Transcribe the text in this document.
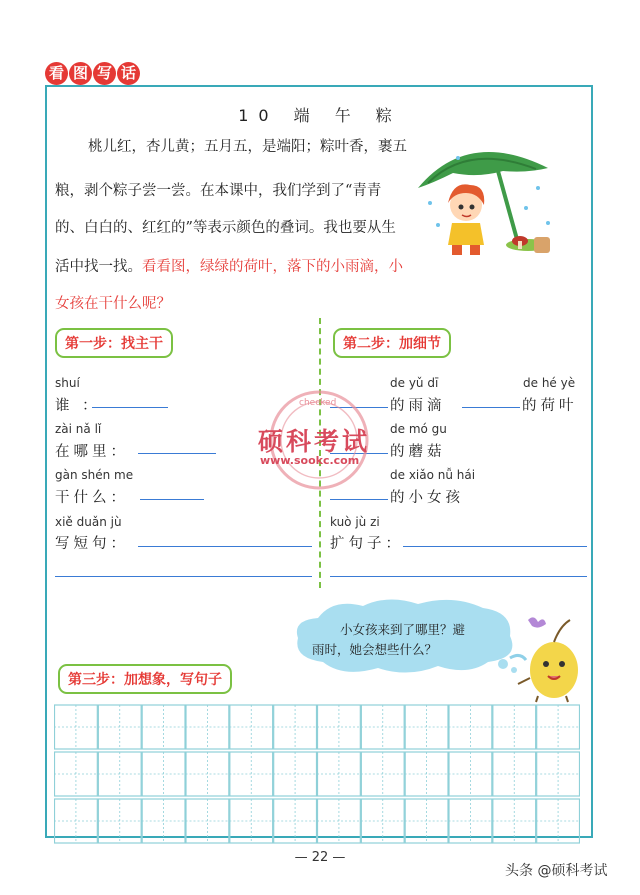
看 图 写 话
10 端 午 粽
桃儿红，杏儿黄；五月五，是端阳；粽叶香，裹五
粮，剥个粽子尝一尝。在本课中，我们学到了“青青
的、白白的、红红的”等表示颜色的叠词。我也要从生
活中找一找。看看图，绿绿的荷叶，落下的小雨滴，小
女孩在干什么呢？
第一步：找主干	第二步：加细节
shuí
谁 ：
zài nǎ lǐ
在哪里：
gàn shén me
干什么：
xiě duǎn jù
写短句：
de yǔ dī	de hé yè
的雨滴	的荷叶
de mó gu
的蘑菇
de xiǎo nǚ hái
的小女孩
kuò jù zi
扩句子：
硕科考试
www.sookc.com
checked
小女孩来到了哪里？避
雨时，她会想些什么？
第三步：加想象，写句子
— 22 —
头条 @硕科考试
